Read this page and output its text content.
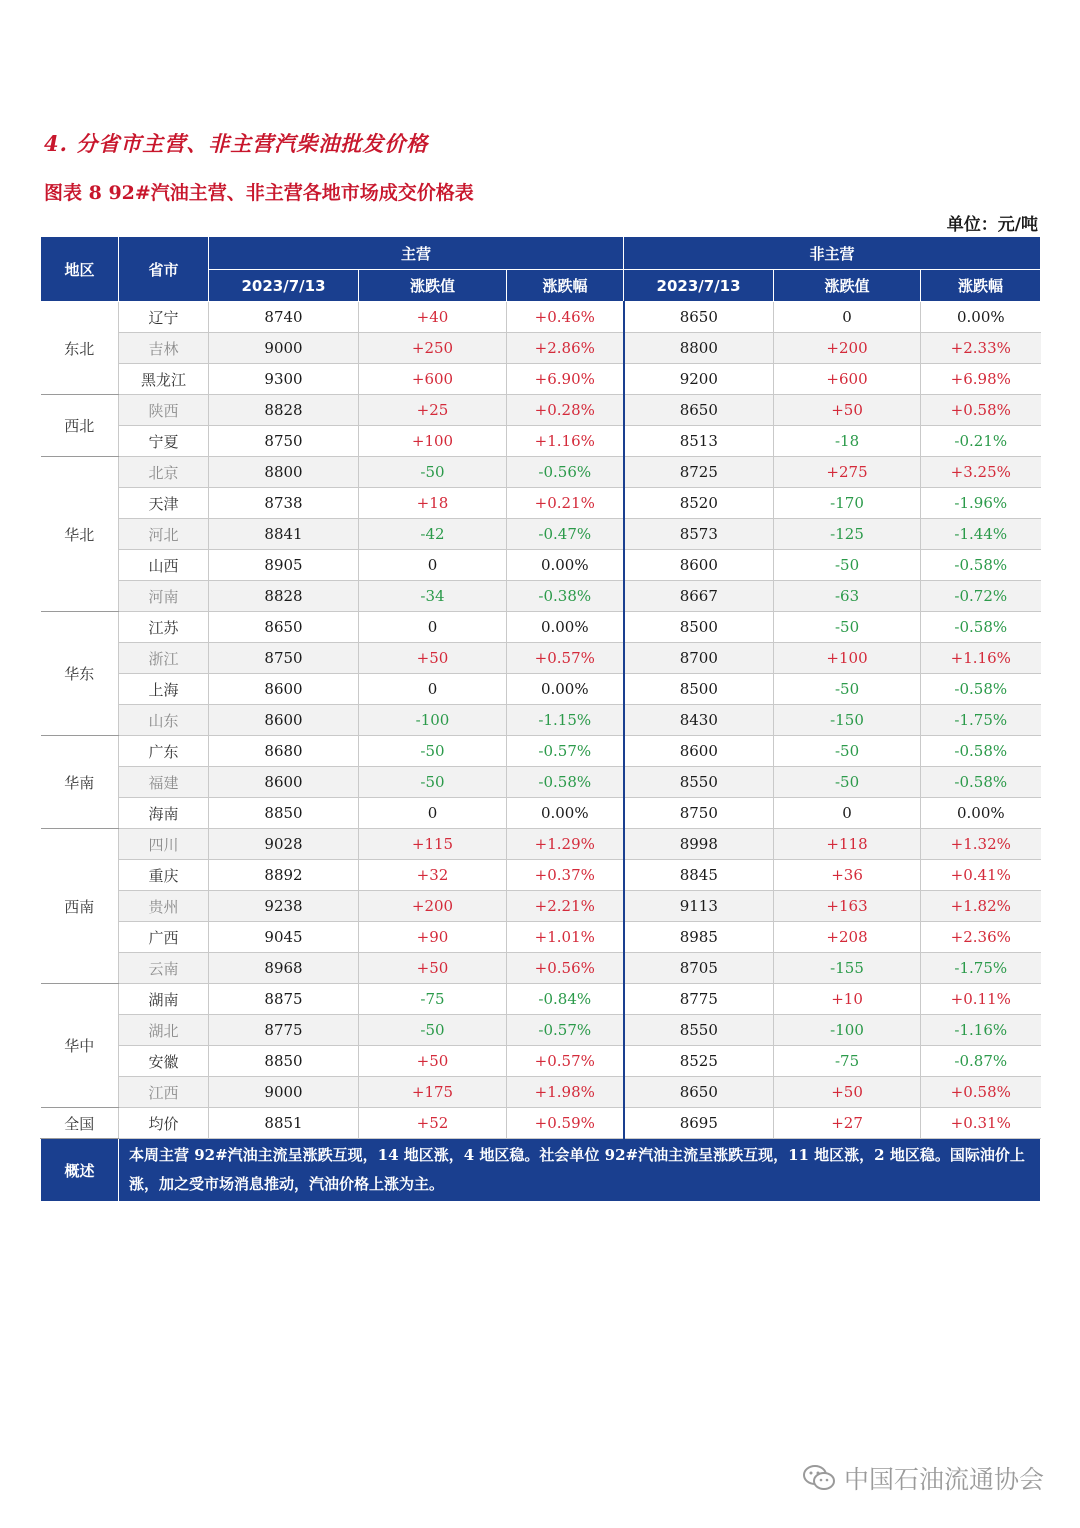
4. 分省市主营、非主营汽柴油批发价格
图表 8 92#汽油主营、非主营各地市场成交价格表
单位：元/吨
地区	省市	主营			非主营		
		2023/7/13	涨跌值	涨跌幅	2023/7/13	涨跌值	涨跌幅
东北	辽宁	8740	+40	+0.46%	8650	0	0.00%
	吉林	9000	+250	+2.86%	8800	+200	+2.33%
	黑龙江	9300	+600	+6.90%	9200	+600	+6.98%
西北	陕西	8828	+25	+0.28%	8650	+50	+0.58%
	宁夏	8750	+100	+1.16%	8513	-18	-0.21%
华北	北京	8800	-50	-0.56%	8725	+275	+3.25%
	天津	8738	+18	+0.21%	8520	-170	-1.96%
	河北	8841	-42	-0.47%	8573	-125	-1.44%
	山西	8905	0	0.00%	8600	-50	-0.58%
	河南	8828	-34	-0.38%	8667	-63	-0.72%
华东	江苏	8650	0	0.00%	8500	-50	-0.58%
	浙江	8750	+50	+0.57%	8700	+100	+1.16%
	上海	8600	0	0.00%	8500	-50	-0.58%
	山东	8600	-100	-1.15%	8430	-150	-1.75%
华南	广东	8680	-50	-0.57%	8600	-50	-0.58%
	福建	8600	-50	-0.58%	8550	-50	-0.58%
	海南	8850	0	0.00%	8750	0	0.00%
西南	四川	9028	+115	+1.29%	8998	+118	+1.32%
	重庆	8892	+32	+0.37%	8845	+36	+0.41%
	贵州	9238	+200	+2.21%	9113	+163	+1.82%
	广西	9045	+90	+1.01%	8985	+208	+2.36%
	云南	8968	+50	+0.56%	8705	-155	-1.75%
华中	湖南	8875	-75	-0.84%	8775	+10	+0.11%
	湖北	8775	-50	-0.57%	8550	-100	-1.16%
	安徽	8850	+50	+0.57%	8525	-75	-0.87%
	江西	9000	+175	+1.98%	8650	+50	+0.58%
全国	均价	8851	+52	+0.59%	8695	+27	+0.31%
概述	本周主营 92#汽油主流呈涨跌互现，14 地区涨，4 地区稳。社会单位 92#汽油主流呈涨跌互现，11 地区涨，2 地区稳。国际油价上涨，加之受市场消息推动，汽油价格上涨为主。						
中国石油流通协会
